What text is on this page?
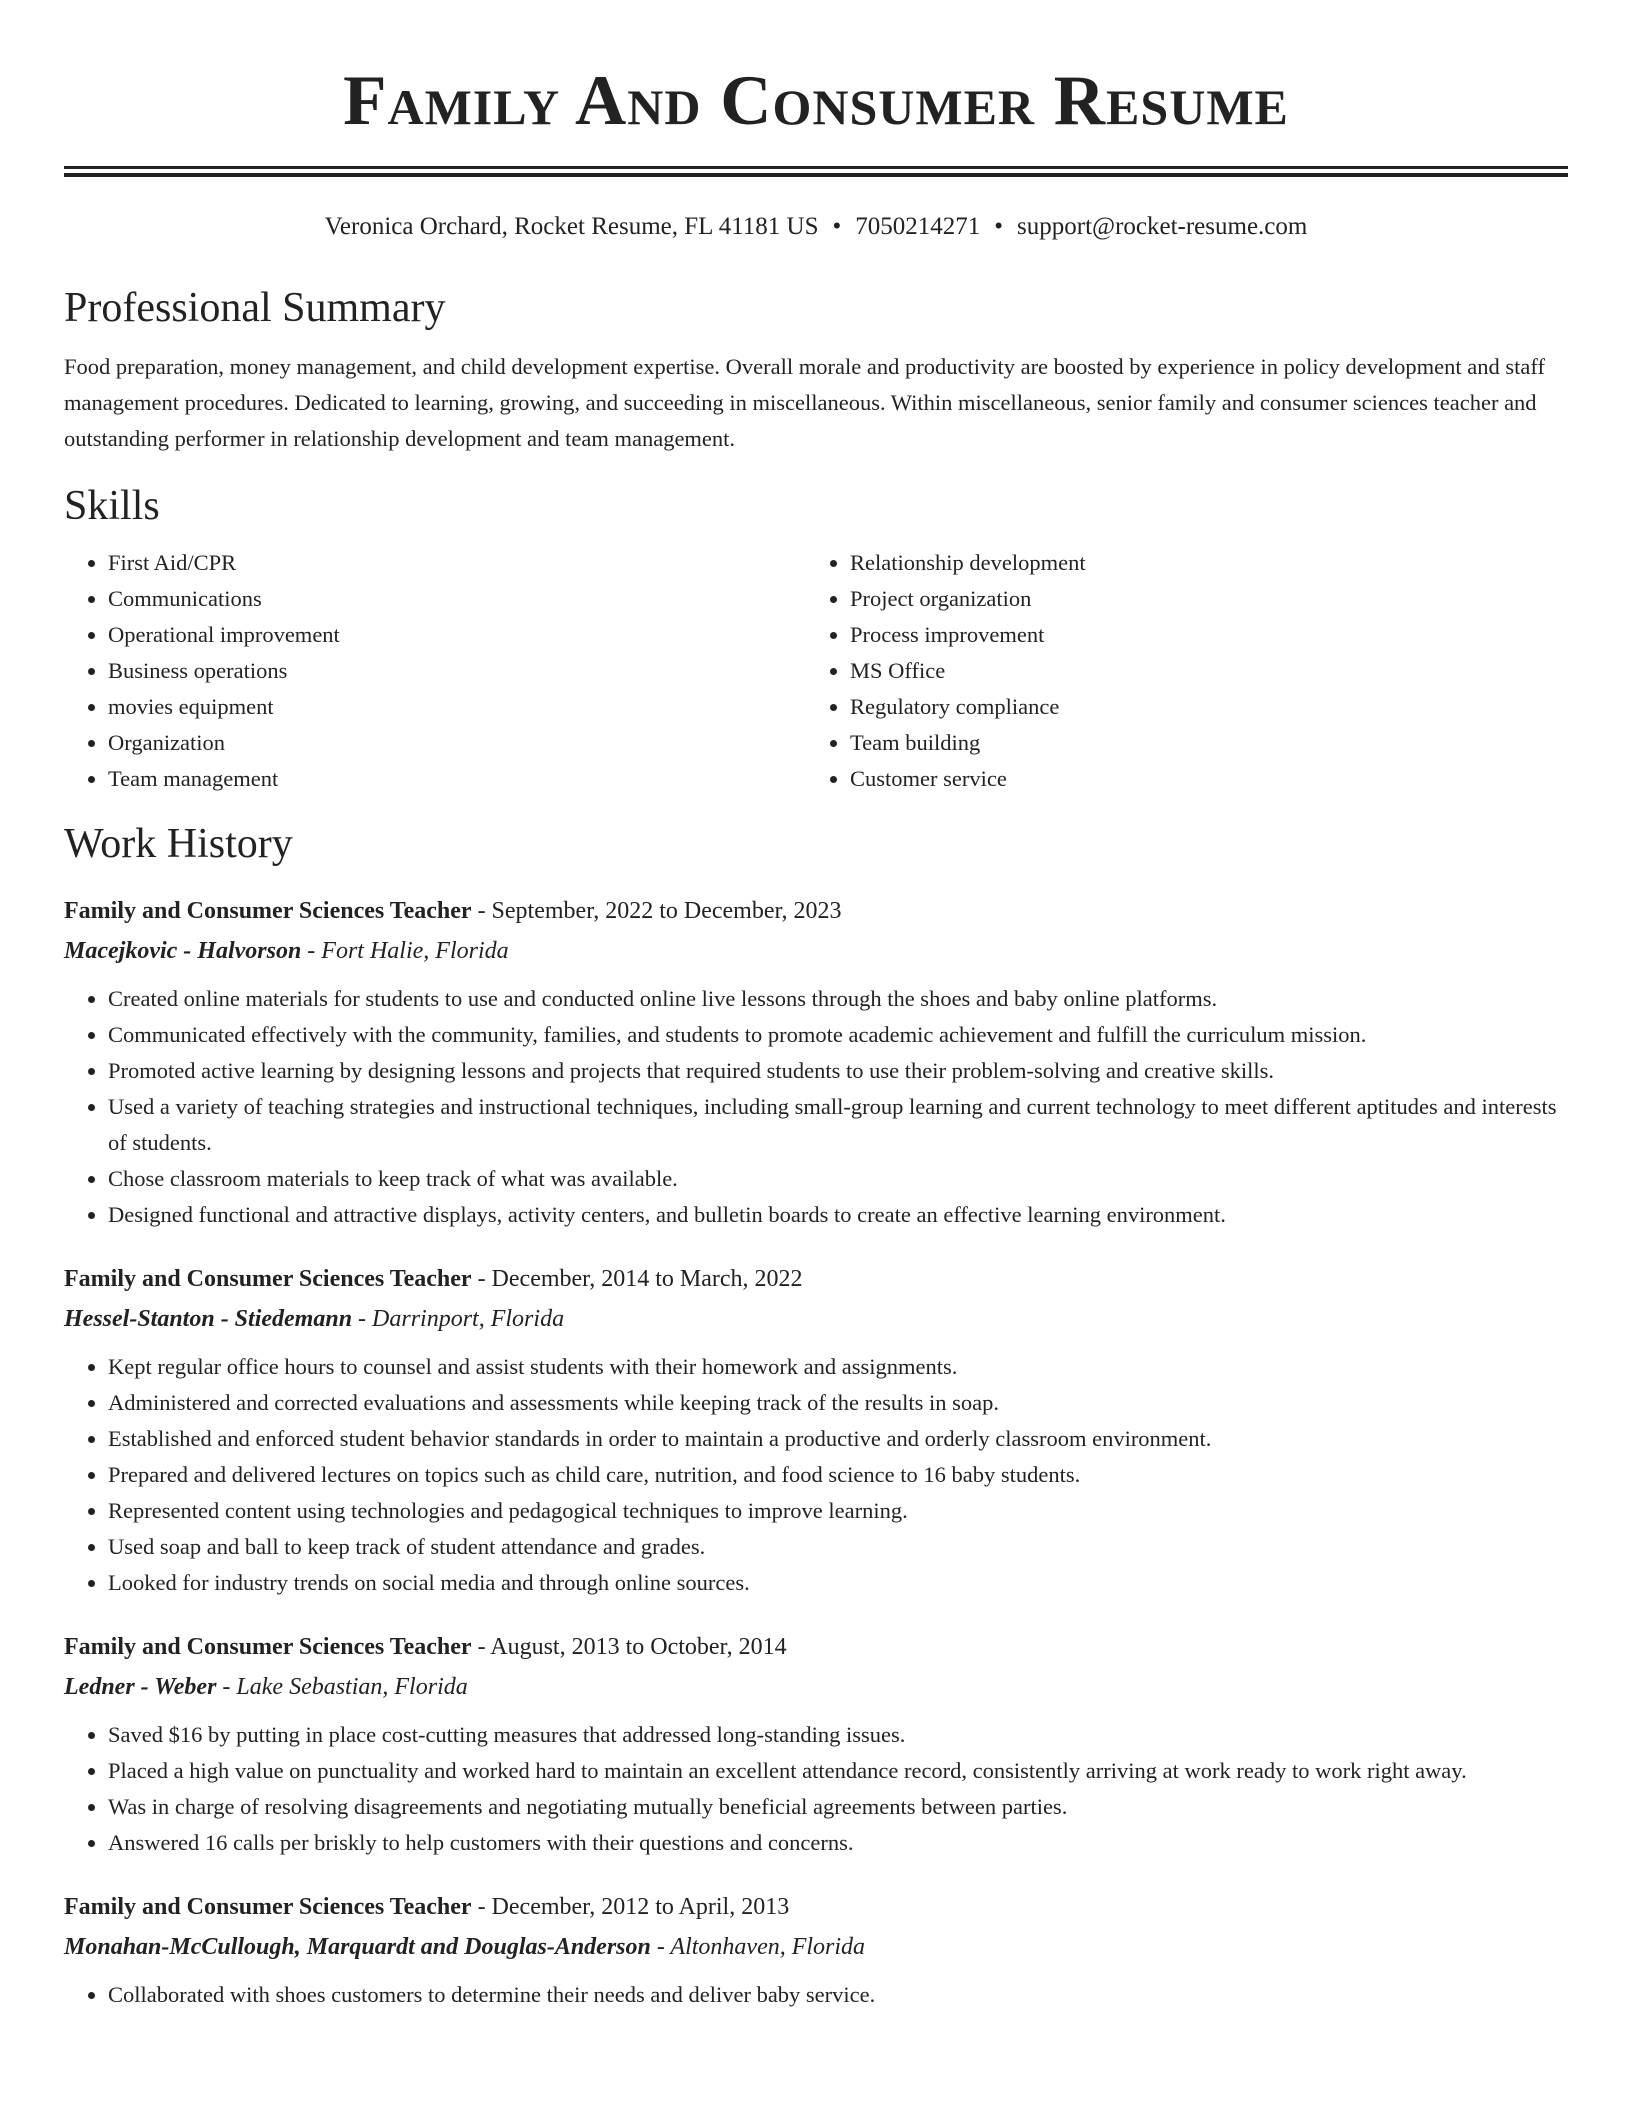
Family And Consumer Resume
Veronica Orchard, Rocket Resume, FL 41181 US • 7050214271 • support@rocket-resume.com
Professional Summary

Food preparation, money management, and child development expertise. Overall morale and productivity are boosted by experience in policy development and staff management procedures. Dedicated to learning, growing, and succeeding in miscellaneous. Within miscellaneous, senior family and consumer sciences teacher and outstanding performer in relationship development and team management.

Skills
• First Aid/CPR
• Communications
• Operational improvement
• Business operations
• movies equipment
• Organization
• Team management
• Relationship development
• Project organization
• Process improvement
• MS Office
• Regulatory compliance
• Team building
• Customer service
Work History
Family and Consumer Sciences Teacher - September, 2022 to December, 2023
Macejkovic - Halvorson - Fort Halie, Florida
• Created online materials for students to use and conducted online live lessons through the shoes and baby online platforms.
• Communicated effectively with the community, families, and students to promote academic achievement and fulfill the curriculum mission.
• Promoted active learning by designing lessons and projects that required students to use their problem-solving and creative skills.
• Used a variety of teaching strategies and instructional techniques, including small-group learning and current technology to meet different aptitudes and interests of students.
• Chose classroom materials to keep track of what was available.
• Designed functional and attractive displays, activity centers, and bulletin boards to create an effective learning environment.
Family and Consumer Sciences Teacher - December, 2014 to March, 2022
Hessel-Stanton - Stiedemann - Darrinport, Florida
• Kept regular office hours to counsel and assist students with their homework and assignments.
• Administered and corrected evaluations and assessments while keeping track of the results in soap.
• Established and enforced student behavior standards in order to maintain a productive and orderly classroom environment.
• Prepared and delivered lectures on topics such as child care, nutrition, and food science to 16 baby students.
• Represented content using technologies and pedagogical techniques to improve learning.
• Used soap and ball to keep track of student attendance and grades.
• Looked for industry trends on social media and through online sources.
Family and Consumer Sciences Teacher - August, 2013 to October, 2014
Ledner - Weber - Lake Sebastian, Florida
• Saved $16 by putting in place cost-cutting measures that addressed long-standing issues.
• Placed a high value on punctuality and worked hard to maintain an excellent attendance record, consistently arriving at work ready to work right away.
• Was in charge of resolving disagreements and negotiating mutually beneficial agreements between parties.
• Answered 16 calls per briskly to help customers with their questions and concerns.
Family and Consumer Sciences Teacher - December, 2012 to April, 2013
Monahan-McCullough, Marquardt and Douglas-Anderson - Altonhaven, Florida
• Collaborated with shoes customers to determine their needs and deliver baby service.
